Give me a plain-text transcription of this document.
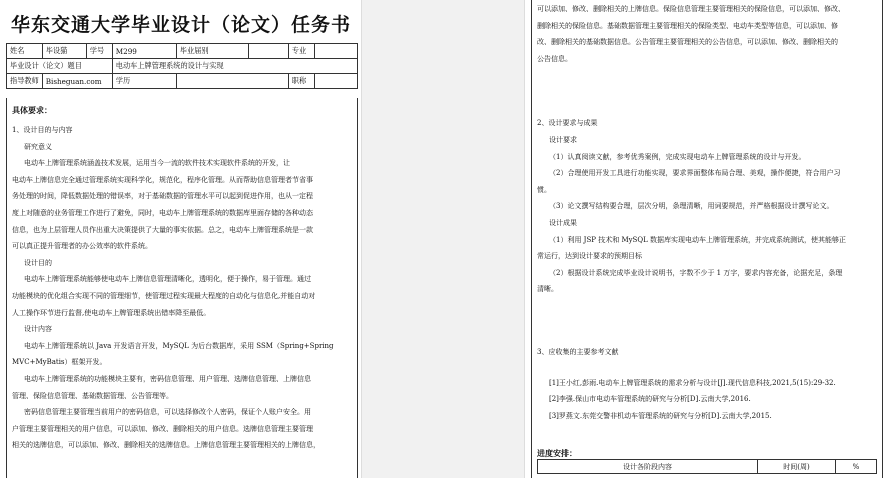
华东交通大学毕业设计（论文）任务书
姓名	毕设猫	学号	M299	毕业届别		专业	
毕业设计（论文）题目			电动车上牌管理系统的设计与实现				
指导教师	Bisheguan.com		学历			职称	
具体要求：

1、设计目的与内容

研究意义

电动车上牌管理系统涵盖技术发展，运用当今一流的软件技术实现软件系统的开发，让

电动车上牌信息完全通过管理系统实现科学化，规范化，程序化管理。从而帮助信息管理者节省事

务处理的时间，降低数据处理的错误率，对于基础数据的管理水平可以起到促进作用，也从一定程

度上对随意的业务管理工作进行了避免，同时，电动车上牌管理系统的数据库里面存储的各种动态

信息，也为上层管理人员作出重大决策提供了大量的事实依据。总之，电动车上牌管理系统是一款

可以真正提升管理者的办公效率的软件系统。

设计目的

电动车上牌管理系统能够使电动车上牌信息管理清晰化，透明化，便于操作，易于管理。通过

功能模块的优化组合实现不同的管理细节，使管理过程实现最大程度的自动化与信息化,并能自动对

人工操作环节进行监督,使电动车上牌管理系统出错率降至最低。

设计内容

电动车上牌管理系统以 Java 开发语言开发，MySQL 为后台数据库，采用 SSM（Spring+Spring

MVC+MyBatis）框架开发。

电动车上牌管理系统的功能模块主要有，密码信息管理、用户管理、选牌信息管理、上牌信息

管理、保险信息管理、基础数据管理、公告管理等。

密码信息管理主要管理当前用户的密码信息，可以选择修改个人密码，保证个人账户安全。用

户管理主要管理相关的用户信息，可以添加、修改、删除相关的用户信息。选牌信息管理主要管理

相关的选牌信息，可以添加、修改、删除相关的选牌信息。上牌信息管理主要管理相关的上牌信息，

可以添加、修改、删除相关的上牌信息。保险信息管理主要管理相关的保险信息，可以添加、修改、

删除相关的保险信息。基础数据管理主要管理相关的保险类型、电动车类型等信息，可以添加、修

改、删除相关的基础数据信息。公告管理主要管理相关的公告信息，可以添加、修改、删除相关的

公告信息。

2、设计要求与成果

设计要求

（1）认真阅读文献，参考优秀案例，完成实现电动车上牌管理系统的设计与开发。

（2）合理使用开发工具进行功能实现，要求界面整体布局合理、美观，操作便捷，符合用户习

惯。

（3）论文撰写结构要合理，层次分明，条理清晰，用词要规范，并严格根据设计撰写论文。

设计成果

（1）利用 JSP 技术和 MySQL 数据库实现电动车上牌管理系统，并完成系统测试，使其能够正

常运行，达到设计要求的预期目标

（2）根据设计系统完成毕业设计说明书，字数不少于 1 万字，要求内容充备，论据充足，条理

清晰。

3、应收集的主要参考文献

[1]王小红,彭雨.电动车上牌管理系统的需求分析与设计[J].现代信息科技,2021,5(15):29-32.

[2]李强.保山市电动车管理系统的研究与分析[D].云南大学,2016.

[3]罗燕文.东莞交警非机动车管理系统的研究与分析[D].云南大学,2015.

进度安排：
设计各阶段内容	时间(周)	%
